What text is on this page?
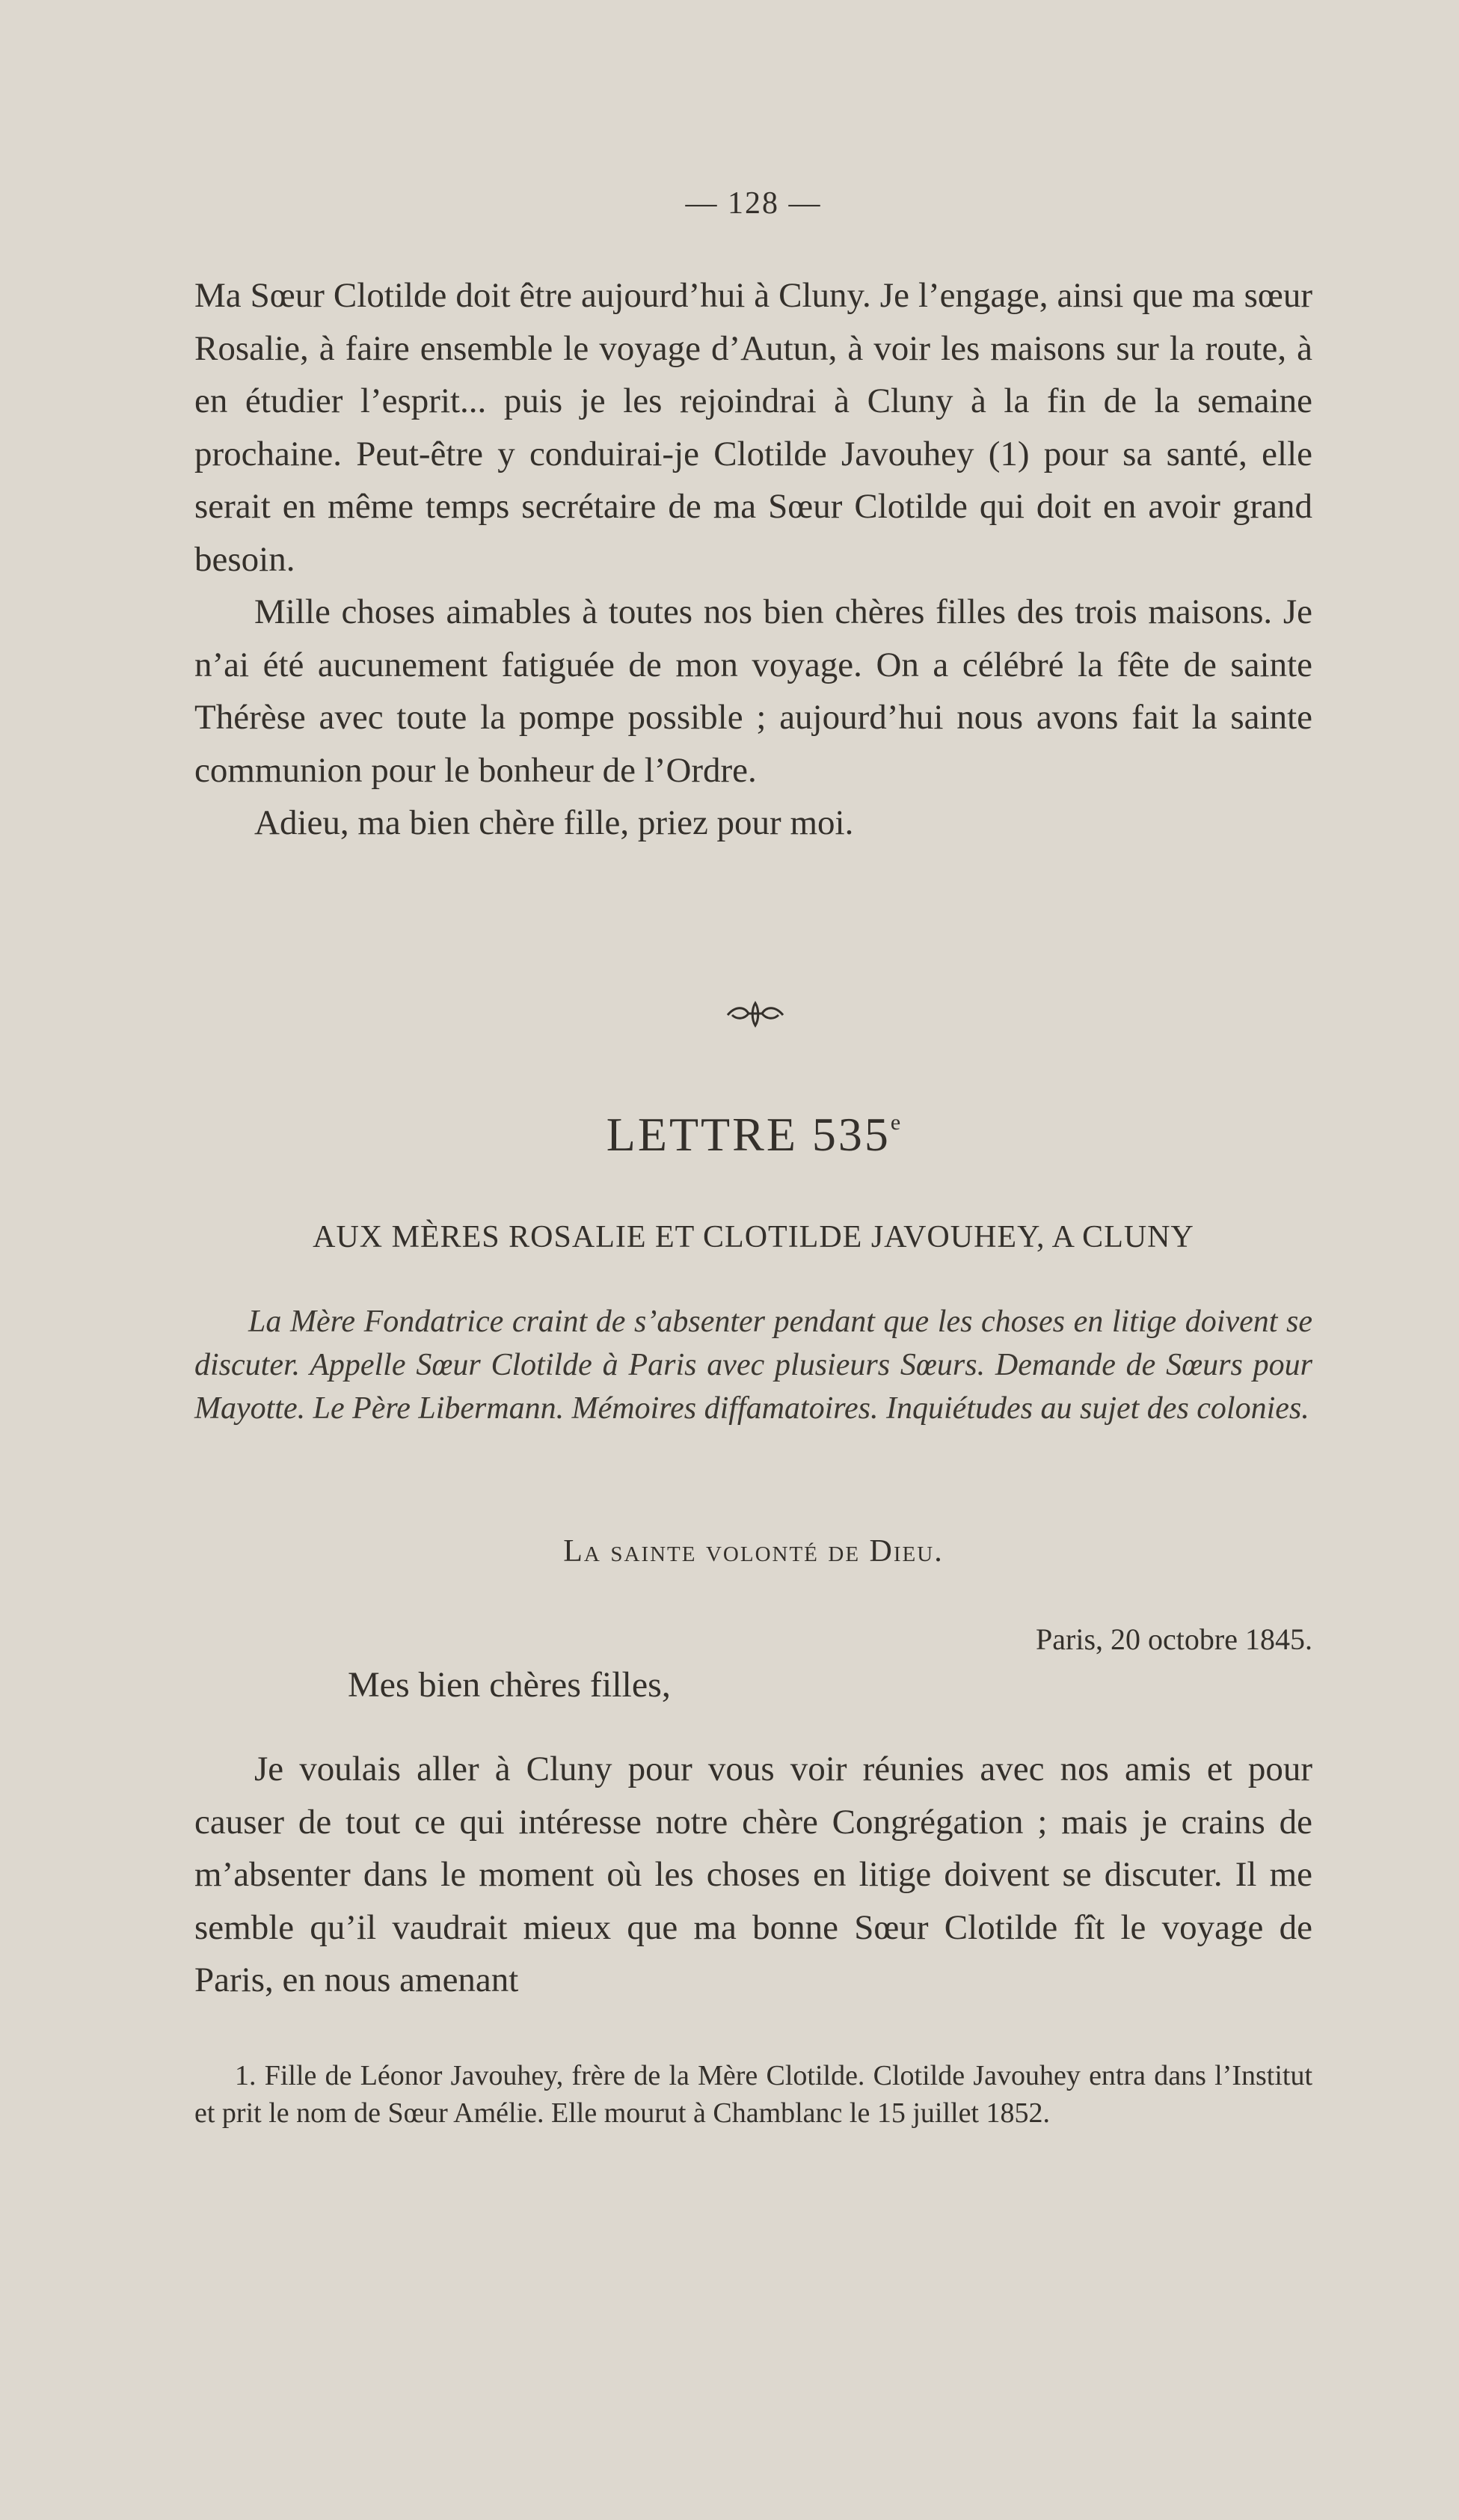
— 128 —

Ma Sœur Clotilde doit être aujourd’hui à Cluny. Je l’engage, ainsi que ma sœur Rosalie, à faire ensemble le voyage d’Autun, à voir les maisons sur la route, à en étudier l’esprit... puis je les rejoindrai à Cluny à la fin de la semaine prochaine. Peut-être y conduirai-je Clotilde Javouhey (1) pour sa santé, elle serait en même temps secrétaire de ma Sœur Clotilde qui doit en avoir grand besoin.

Mille choses aimables à toutes nos bien chères filles des trois maisons. Je n’ai été aucunement fatiguée de mon voyage. On a célébré la fête de sainte Thérèse avec toute la pompe possible ; aujourd’hui nous avons fait la sainte communion pour le bonheur de l’Ordre.

Adieu, ma bien chère fille, priez pour moi.

LETTRE 535e
AUX MÈRES ROSALIE ET CLOTILDE JAVOUHEY, A CLUNY
La Mère Fondatrice craint de s’absenter pendant que les choses en litige doivent se discuter. Appelle Sœur Clotilde à Paris avec plusieurs Sœurs. Demande de Sœurs pour Mayotte. Le Père Libermann. Mémoires diffamatoires. Inquiétudes au sujet des colonies.
La sainte volonté de Dieu.
Paris, 20 octobre 1845.
Mes bien chères filles,

Je voulais aller à Cluny pour vous voir réunies avec nos amis et pour causer de tout ce qui intéresse notre chère Congrégation ; mais je crains de m’absenter dans le moment où les choses en litige doivent se discuter. Il me semble qu’il vaudrait mieux que ma bonne Sœur Clotilde fît le voyage de Paris, en nous amenant

1. Fille de Léonor Javouhey, frère de la Mère Clotilde. Clotilde Javouhey entra dans l’Institut et prit le nom de Sœur Amélie. Elle mourut à Chamblanc le 15 juillet 1852.
